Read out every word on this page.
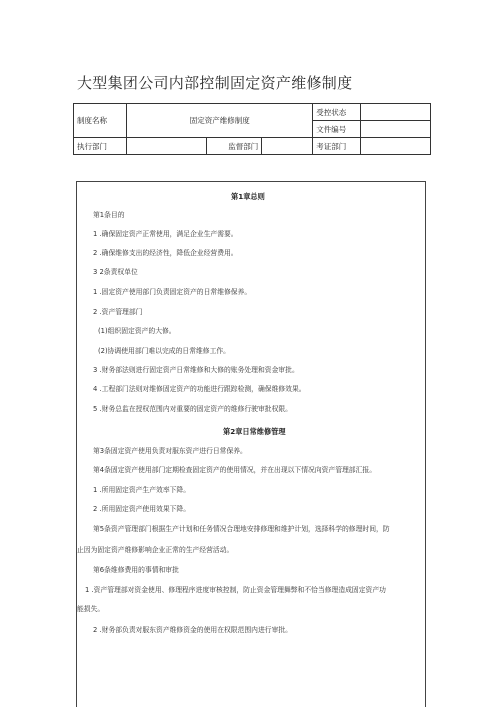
大型集团公司内部控制固定资产维修制度
制度名称	固定资产维修制度			受控状态	
				文件编号	
执行部门		监督部门		考证部门	
第1章总则
第1条目的
1 .确保固定资产正常使用，满足企业生产需要。
2 .确保维修支出的经济性，降低企业经营费用。
3 2条责权单位
1 .固定资产使用部门负责固定资产的日常维修保养。
2 .资产管理部门
(1)组织固定资产的大修。
(2)协调使用部门难以完成的日常维修工作。
3 .财务部法则进行固定资产日常维修和大修的账务处理和资金审批。
4 .工程部门法则对维修固定资产的功能进行跟踪检测，确保维修效果。
5 .财务总监在授权范围内对重要的固定资产的维修行驶审批权限。
第2章日常维修管理
第3条固定资产使用负责对服东资产进行日常保养。
第4条固定资产使用部门定期检查固定资产的使用情况，并在出现以下情况向资产管理部汇报。
1 .所用固定资产生产效率下降。
2 .所用固定资产使用效果下降。
第5条资产管理部门根据生产计划和任务情况合理地安排修理和维护计划，选择科学的修理时间，防
止因为固定资产维修影响企业正常的生产经营活动。
第6条维修费用的事情和审批
1 .资产管理部对资金使用、修理程序进度审核控制，防止资金管理舞弊和不恰当修理造成固定资产功
能损失。
2 .财务部负责对服东资产维修资金的使用在权限范围内进行审批。
